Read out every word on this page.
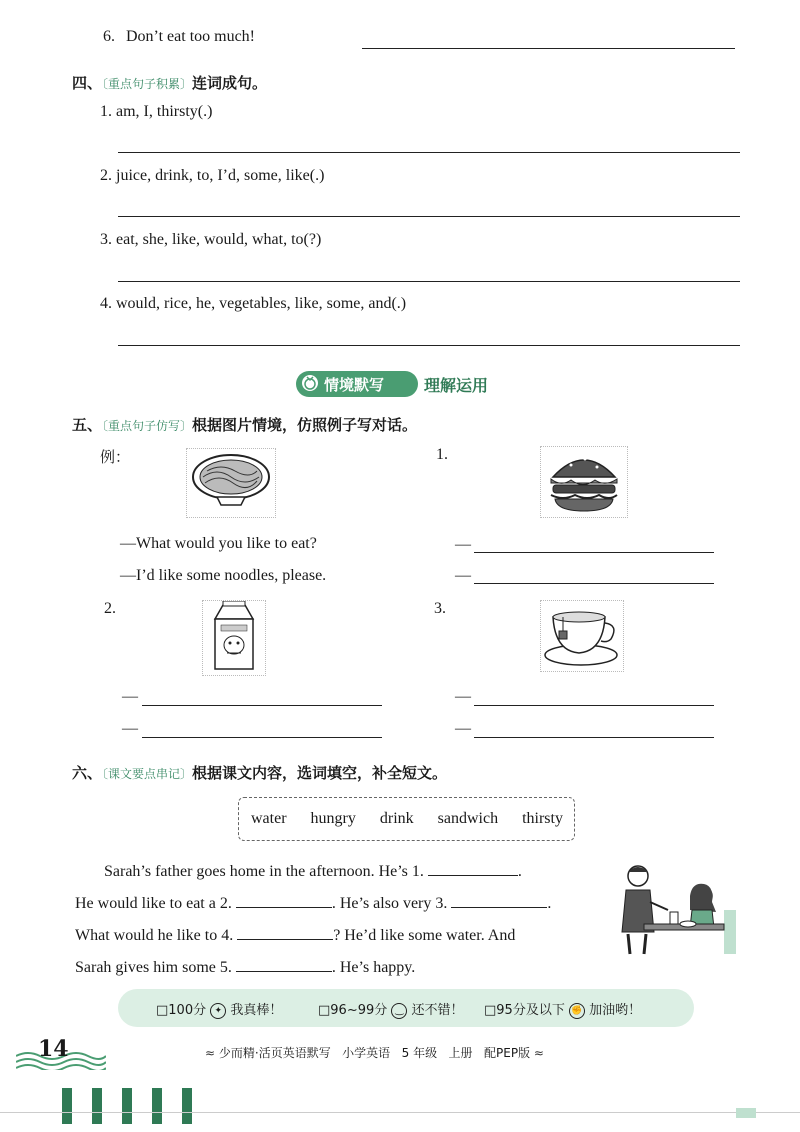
6. Don’t eat too much!
四、〔重点句子积累〕连词成句。
1. am, I, thirsty(.)
2. juice, drink, to, I’d, some, like(.)
3. eat, she, like, would, what, to(?)
4. would, rice, he, vegetables, like, some, and(.)
情境默写 理解运用
五、〔重点句子仿写〕根据图片情境，仿照例子写对话。
例：
—What would you like to eat?
—I’d like some noodles, please.
1.
—
—
2.
—
—
3.
—
—
六、〔课文要点串记〕根据课文内容，选词填空，补全短文。
water hungry drink sandwich thirsty
Sarah’s father goes home in the afternoon. He’s 1.	.
He would like to eat a 2.	. He’s also very 3.	.
What would he like to 4.	? He’d like some water. And
Sarah gives him some 5.	. He’s happy.
□100分 ✦ 我真棒！	□96~99分 ‿ 还不错！ □95分及以下 ✊ 加油哟！
14	≈ 少而精·活页英语默写 小学英语 5 年级 上册 配PEP版 ≈
